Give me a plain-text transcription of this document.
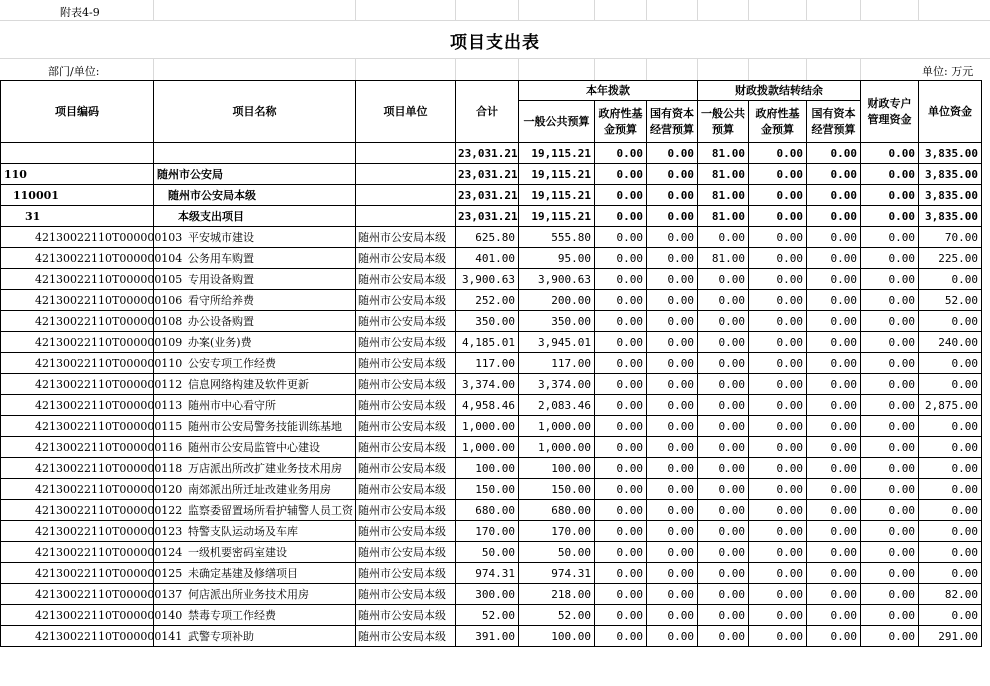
附表4-9
项目支出表
部门/单位:	单位: 万元
项目编码	项目名称	项目单位	合计	本年拨款			财政拨款结转结余			财政专户管理资金	单位资金
				一般公共预算	政府性基金预算	国有资本经营预算	一般公共预算	政府性基金预算	国有资本经营预算		
			23,031.21	19,115.21	0.00	0.00	81.00	0.00	0.00	0.00	3,835.00
110	随州市公安局		23,031.21	19,115.21	0.00	0.00	81.00	0.00	0.00	0.00	3,835.00
110001	随州市公安局本级		23,031.21	19,115.21	0.00	0.00	81.00	0.00	0.00	0.00	3,835.00
31	本级支出项目		23,031.21	19,115.21	0.00	0.00	81.00	0.00	0.00	0.00	3,835.00
42130022110T000000103	平安城市建设	随州市公安局本级	625.80	555.80	0.00	0.00	0.00	0.00	0.00	0.00	70.00
42130022110T000000104	公务用车购置	随州市公安局本级	401.00	95.00	0.00	0.00	81.00	0.00	0.00	0.00	225.00
42130022110T000000105	专用设备购置	随州市公安局本级	3,900.63	3,900.63	0.00	0.00	0.00	0.00	0.00	0.00	0.00
42130022110T000000106	看守所给养费	随州市公安局本级	252.00	200.00	0.00	0.00	0.00	0.00	0.00	0.00	52.00
42130022110T000000108	办公设备购置	随州市公安局本级	350.00	350.00	0.00	0.00	0.00	0.00	0.00	0.00	0.00
42130022110T000000109	办案(业务)费	随州市公安局本级	4,185.01	3,945.01	0.00	0.00	0.00	0.00	0.00	0.00	240.00
42130022110T000000110	公安专项工作经费	随州市公安局本级	117.00	117.00	0.00	0.00	0.00	0.00	0.00	0.00	0.00
42130022110T000000112	信息网络构建及软件更新	随州市公安局本级	3,374.00	3,374.00	0.00	0.00	0.00	0.00	0.00	0.00	0.00
42130022110T000000113	随州市中心看守所	随州市公安局本级	4,958.46	2,083.46	0.00	0.00	0.00	0.00	0.00	0.00	2,875.00
42130022110T000000115	随州市公安局警务技能训练基地	随州市公安局本级	1,000.00	1,000.00	0.00	0.00	0.00	0.00	0.00	0.00	0.00
42130022110T000000116	随州市公安局监管中心建设	随州市公安局本级	1,000.00	1,000.00	0.00	0.00	0.00	0.00	0.00	0.00	0.00
42130022110T000000118	万店派出所改扩建业务技术用房	随州市公安局本级	100.00	100.00	0.00	0.00	0.00	0.00	0.00	0.00	0.00
42130022110T000000120	南郊派出所迁址改建业务用房	随州市公安局本级	150.00	150.00	0.00	0.00	0.00	0.00	0.00	0.00	0.00
42130022110T000000122	监察委留置场所看护辅警人员工资	随州市公安局本级	680.00	680.00	0.00	0.00	0.00	0.00	0.00	0.00	0.00
42130022110T000000123	特警支队运动场及车库	随州市公安局本级	170.00	170.00	0.00	0.00	0.00	0.00	0.00	0.00	0.00
42130022110T000000124	一级机要密码室建设	随州市公安局本级	50.00	50.00	0.00	0.00	0.00	0.00	0.00	0.00	0.00
42130022110T000000125	未确定基建及修缮项目	随州市公安局本级	974.31	974.31	0.00	0.00	0.00	0.00	0.00	0.00	0.00
42130022110T000000137	何店派出所业务技术用房	随州市公安局本级	300.00	218.00	0.00	0.00	0.00	0.00	0.00	0.00	82.00
42130022110T000000140	禁毒专项工作经费	随州市公安局本级	52.00	52.00	0.00	0.00	0.00	0.00	0.00	0.00	0.00
42130022110T000000141	武警专项补助	随州市公安局本级	391.00	100.00	0.00	0.00	0.00	0.00	0.00	0.00	291.00
